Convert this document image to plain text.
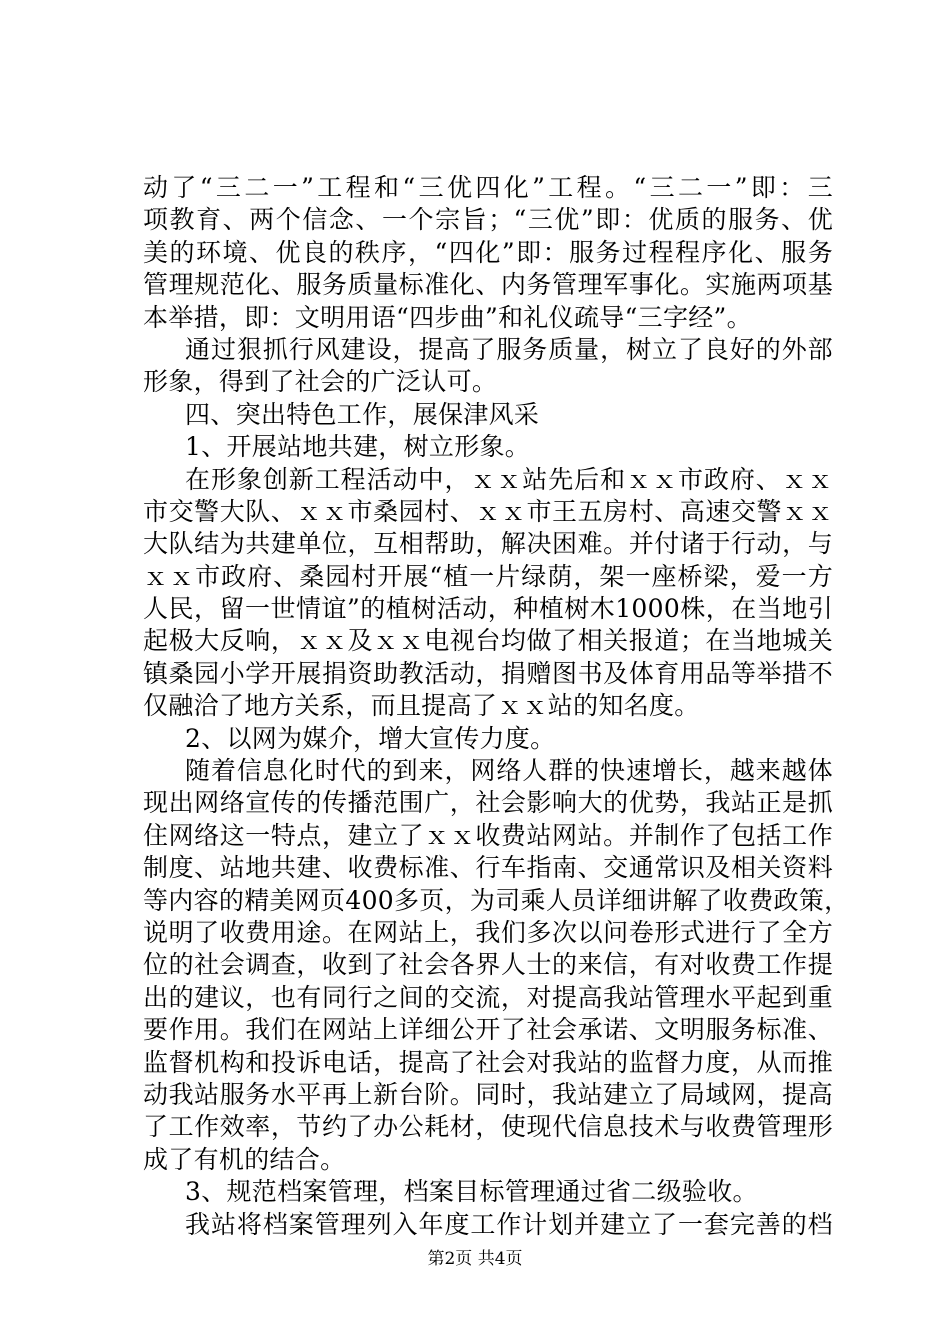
动了“三二一”工程和“三优四化”工程。“三二一”即：三
项教育、两个信念、一个宗旨；“三优”即：优质的服务、优
美的环境、优良的秩序，“四化”即：服务过程程序化、服务
管理规范化、服务质量标准化、内务管理军事化。实施两项基
本举措，即：文明用语“四步曲”和礼仪疏导“三字经”。
通过狠抓行风建设，提高了服务质量，树立了良好的外部
形象，得到了社会的广泛认可。
四、突出特色工作，展保津风采
1、开展站地共建，树立形象。
在形象创新工程活动中，ｘｘ站先后和ｘｘ市政府、ｘｘ
市交警大队、ｘｘ市桑园村、ｘｘ市王五房村、高速交警ｘｘ
大队结为共建单位，互相帮助，解决困难。并付诸于行动，与
ｘｘ市政府、桑园村开展“植一片绿荫，架一座桥梁，爱一方
人民，留一世情谊”的植树活动，种植树木1000株，在当地引
起极大反响，ｘｘ及ｘｘ电视台均做了相关报道；在当地城关
镇桑园小学开展捐资助教活动，捐赠图书及体育用品等举措不
仅融洽了地方关系，而且提高了ｘｘ站的知名度。
2、以网为媒介，增大宣传力度。
随着信息化时代的到来，网络人群的快速增长，越来越体
现出网络宣传的传播范围广，社会影响大的优势，我站正是抓
住网络这一特点，建立了ｘｘ收费站网站。并制作了包括工作
制度、站地共建、收费标准、行车指南、交通常识及相关资料
等内容的精美网页400多页，为司乘人员详细讲解了收费政策，
说明了收费用途。在网站上，我们多次以问卷形式进行了全方
位的社会调查，收到了社会各界人士的来信，有对收费工作提
出的建议，也有同行之间的交流，对提高我站管理水平起到重
要作用。我们在网站上详细公开了社会承诺、文明服务标准、
监督机构和投诉电话，提高了社会对我站的监督力度，从而推
动我站服务水平再上新台阶。同时，我站建立了局域网，提高
了工作效率，节约了办公耗材，使现代信息技术与收费管理形
成了有机的结合。
3、规范档案管理，档案目标管理通过省二级验收。
我站将档案管理列入年度工作计划并建立了一套完善的档
第2页 共4页
